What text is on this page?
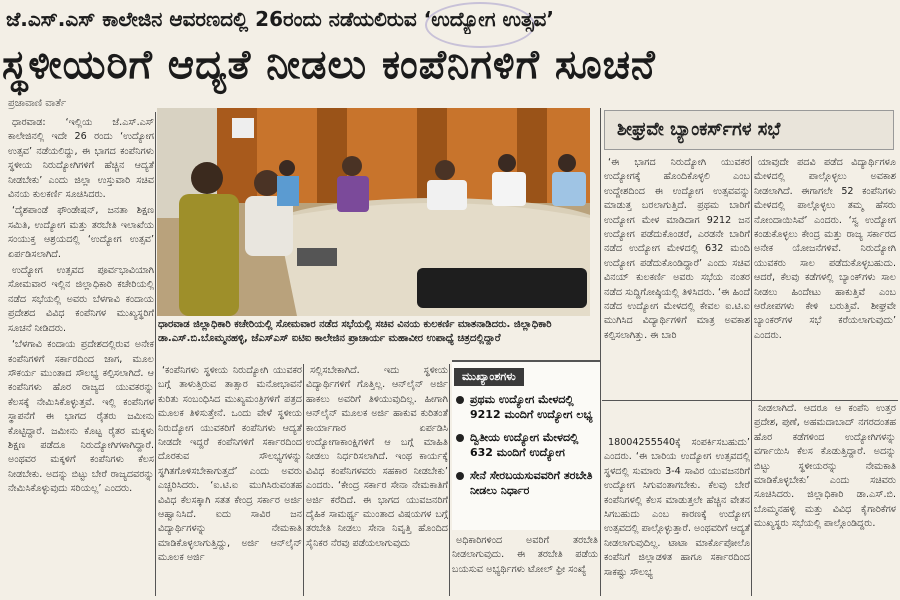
ಜೆ.ಎಸ್.ಎಸ್ ಕಾಲೇಜಿನ ಆವರಣದಲ್ಲಿ 26ರಂದು ನಡೆಯಲಿರುವ ‘ಉದ್ಯೋಗ ಉತ್ಸವ’
ಸ್ಥಳೀಯರಿಗೆ ಆದ್ಯತೆ ನೀಡಲು ಕಂಪೆನಿಗಳಿಗೆ ಸೂಚನೆ
ಪ್ರಜಾವಾಣಿ ವಾರ್ತೆ

ಧಾರವಾಡ: ‘ಇಲ್ಲಿಯ ಜೆ.ಎಸ್.ಎಸ್ ಕಾಲೇಜಿನಲ್ಲಿ ಇದೇ 26 ರಂದು ‘ಉದ್ಯೋಗ ಉತ್ಸವ’ ನಡೆಯಲಿದ್ದು, ಈ ಭಾಗದ ಕಂಪೆನಿಗಳು ಸ್ಥಳೀಯ ನಿರುದ್ಯೋಗಿಗಳಿಗೆ ಹೆಚ್ಚಿನ ಆದ್ಯತೆ ನೀಡಬೇಕು’ ಎಂದು ಜಿಲ್ಲಾ ಉಸ್ತುವಾರಿ ಸಚಿವ ವಿನಯ ಕುಲಕರ್ಣಿ ಸೂಚಿಸಿದರು.

‘ದೈಶಪಾಂಡೆ ಫೌಂಡೇಷನ್, ಜನತಾ ಶಿಕ್ಷಣ ಸಮಿತಿ, ಉದ್ಯೋಗ ಮತ್ತು ತರಬೇತಿ ಇಲಾಖೆಯ ಸಂಯುಕ್ತ ಆಶ್ರಯದಲ್ಲಿ ‘ಉದ್ಯೋಗ ಉತ್ಸವ’ ಏರ್ಪಡಿಸಲಾಗಿದೆ.

ಉದ್ಯೋಗ ಉತ್ಸವದ ಪೂರ್ವಭಾವಿಯಾಗಿ ಸೋಮವಾರ ಇಲ್ಲಿನ ಜಿಲ್ಲಾಧಿಕಾರಿ ಕಚೇರಿಯಲ್ಲಿ ನಡೆದ ಸಭೆಯಲ್ಲಿ ಅವರು ಬೆಳಗಾವಿ ಕಂದಾಯ ಪ್ರದೇಶದ ವಿವಿಧ ಕಂಪೆನಿಗಳ ಮುಖ್ಯಸ್ಥರಿಗೆ ಸೂಚನೆ ನೀಡಿದರು.

‘ಬೆಳಗಾವಿ ಕಂದಾಯ ಪ್ರದೇಶದಲ್ಲಿರುವ ಅನೇಕ ಕಂಪೆನಿಗಳಿಗೆ ಸರ್ಕಾರದಿಂದ ಜಾಗ, ಮೂಲ ಸೌಕರ್ಯ ಮುಂತಾದ ಸೌಲಭ್ಯ ಕಲ್ಪಿಸಲಾಗಿದೆ. ಆ ಕಂಪೆನಿಗಳು ಹೊರ ರಾಜ್ಯದ ಯುವಕರನ್ನು ಕೆಲಸಕ್ಕೆ ನೇಮಿಸಿಕೊಳ್ಳುತ್ತವೆ. ಇಲ್ಲಿ ಕಂಪೆನಿಗಳ ಸ್ಥಾಪನೆಗೆ ಈ ಭಾಗದ ರೈತರು ಜಮೀನು ಕೊಟ್ಟಿದ್ದಾರೆ. ಜಮೀನು ಕೊಟ್ಟ ರೈತರ ಮಕ್ಕಳು ಶಿಕ್ಷಣ ಪಡೆದೂ ನಿರುದ್ಯೋಗಿಗಳಾಗಿದ್ದಾರೆ. ಅಂಥವರ ಮಕ್ಕಳಿಗೆ ಕಂಪೆನಿಗಳು ಕೆಲಸ ನೀಡಬೇಕು. ಅದನ್ನು ಬಿಟ್ಟು ಬೇರೆ ರಾಜ್ಯದವರನ್ನು ನೇಮಿಸಿಕೊಳ್ಳುವುದು ಸರಿಯಲ್ಲ’ ಎಂದರು.

ಧಾರವಾಡ ಜಿಲ್ಲಾಧಿಕಾರಿ ಕಚೇರಿಯಲ್ಲಿ ಸೋಮವಾರ ನಡೆದ ಸಭೆಯಲ್ಲಿ ಸಚಿವ ವಿನಯ ಕುಲಕರ್ಣಿ ಮಾತನಾಡಿದರು. ಜಿಲ್ಲಾಧಿಕಾರಿ ಡಾ.ಎಸ್.ಬಿ.ಬೊಮ್ಮನಹಳ್ಳಿ, ಜೆಎಸ್‌ಎಸ್ ಐಟಿಐ ಕಾಲೇಜಿನ ಪ್ರಾಚಾರ್ಯ ಮಹಾವೀರ ಉಪಾಧ್ಯೆ ಚಿತ್ರದಲ್ಲಿದ್ದಾರೆ

‘ಕಂಪೆನಿಗಳು ಸ್ಥಳೀಯ ನಿರುದ್ಯೋಗಿ ಯುವಕರ ಬಗ್ಗೆ ತಾಳುತ್ತಿರುವ ತಾತ್ಸಾರ ಮನೋಭಾವನೆ ಕುರಿತು ಸಂಬಂಧಿಸಿದ ಮುಖ್ಯಮಂತ್ರಿಗಳಿಗೆ ಪತ್ರದ ಮೂಲಕ ತಿಳಿಸುತ್ತೇನೆ. ಒಂದು ವೇಳೆ ಸ್ಥಳೀಯ ನಿರುದ್ಯೋಗ ಯುವಕರಿಗೆ ಕಂಪೆನಿಗಳು ಆದ್ಯತೆ ನೀಡದೇ ಇದ್ದರೆ ಕಂಪೆನಿಗಳಿಗೆ ಸರ್ಕಾರದಿಂದ ದೊರಕುವ ಸೌಲಭ್ಯಗಳನ್ನು ಸ್ಥಗಿತಗೊಳಿಸಬೇಕಾಗುತ್ತದೆ’ ಎಂದು ಅವರು ಎಚ್ಚರಿಸಿದರು. ‘ಐ.ಟಿ.ಐ ಮುಗಿಸಿರುವಂತಹ ವಿವಿಧ ಕೆಲಸಕ್ಕಾಗಿ ಸತತ ಕೇಂದ್ರ ಸರ್ಕಾರ ಅರ್ಜಿ ಆಹ್ವಾನಿಸಿದೆ. ಐದು ಸಾವಿರ ಜನ ವಿದ್ಯಾರ್ಥಿಗಳನ್ನು ನೇಮಕಾತಿ ಮಾಡಿಕೊಳ್ಳಲಾಗುತ್ತಿದ್ದು, ಅರ್ಜಿ ಆನ್‌ಲೈನ್ ಮೂಲಕ ಅರ್ಜಿ

ಸಲ್ಲಿಸಬೇಕಾಗಿದೆ. ಇದು ಸ್ಥಳೀಯ ವಿದ್ಯಾರ್ಥಿಗಳಿಗೆ ಗೊತ್ತಿಲ್ಲ. ಆನ್‌ಲೈನ್ ಅರ್ಜಿ ಹಾಕಲು ಅವರಿಗೆ ತಿಳಿಯುವುದಿಲ್ಲ. ಹೀಗಾಗಿ ಆನ್‌ಲೈನ್ ಮೂಲಕ ಅರ್ಜಿ ಹಾಕುವ ಕುರಿತಂತೆ ಕಾರ್ಯಾಗಾರ ಏರ್ಪಡಿಸಿ ಉದ್ಯೋಗಾಕಾಂಕ್ಷಿಗಳಿಗೆ ಆ ಬಗ್ಗೆ ಮಾಹಿತಿ ನೀಡಲು ನಿರ್ಧರಿಸಲಾಗಿದೆ. ಇಂಥ ಕಾರ್ಯಕ್ಕೆ ವಿವಿಧ ಕಂಪೆನಿಗಳವರು ಸಹಕಾರ ನೀಡಬೇಕು’ ಎಂದರು. ‘ಕೇಂದ್ರ ಸರ್ಕಾರ ಸೇನಾ ನೇಮಕಾತಿಗೆ ಅರ್ಜಿ ಕರೆದಿದೆ. ಈ ಭಾಗದ ಯುವಜನರಿಗೆ ದೈಹಿಕ ಸಾಮರ್ಥ್ಯ ಮುಂತಾದ ವಿಷಯಗಳ ಬಗ್ಗೆ ತರಬೇತಿ ನೀಡಲು ಸೇನಾ ನಿವೃತ್ತಿ ಹೊಂದಿದ ಸೈನಿಕರ ನೆರವು ಪಡೆಯಲಾಗುವುದು

ಮುಖ್ಯಾಂಶಗಳು
ಪ್ರಥಮ ಉದ್ಯೋಗ ಮೇಳದಲ್ಲಿ 9212 ಮಂದಿಗೆ ಉದ್ಯೋಗ ಲಭ್ಯ
ದ್ವಿತೀಯ ಉದ್ಯೋಗ ಮೇಳದಲ್ಲಿ 632 ಮಂದಿಗೆ ಉದ್ಯೋಗ
ಸೇನೆ ಸೇರಬಯಸುವವರಿಗೆ ತರಬೇತಿ ನೀಡಲು ನಿರ್ಧಾರ

ಅಧಿಕಾರಿಗಳಿಂದ ಅವರಿಗೆ ತರಬೇತಿ ನೀಡಲಾಗುವುದು. ಈ ತರಬೇತಿ ಪಡೆಯ ಬಯಸುವ ಅಭ್ಯರ್ಥಿಗಳು ಟೋಲ್ ಫ್ರೀ ಸಂಖ್ಯೆ

ಶೀಘ್ರವೇ ಬ್ಯಾಂಕರ್ಸ್‌ಗಳ ಸಭೆ

‘ಈ ಭಾಗದ ನಿರುದ್ಯೋಗಿ ಯುವಕರ ಉದ್ಯೋಗಕ್ಕೆ ಹೊಂದಿಕೊಳ್ಳಲಿ ಎಂಬ ಉದ್ದೇಶದಿಂದ ಈ ಉದ್ಯೋಗ ಉತ್ಸವವನ್ನು ಮಾಡುತ್ತ ಬರಲಾಗುತ್ತಿದೆ. ಪ್ರಥಮ ಬಾರಿಗೆ ಉದ್ಯೋಗ ಮೇಳ ಮಾಡಿದಾಗ 9212 ಜನ ಉದ್ಯೋಗ ಪಡೆದುಕೊಂಡರೆ, ಎರಡನೇ ಬಾರಿಗೆ ನಡೆದ ಉದ್ಯೋಗ ಮೇಳದಲ್ಲಿ 632 ಮಂದಿ ಉದ್ಯೋಗ ಪಡೆದುಕೊಂಡಿದ್ದಾರೆ’ ಎಂದು ಸಚಿವ ವಿನಯ್ ಕುಲಕರ್ಣಿ ಅವರು ಸಭೆಯ ನಂತರ ನಡೆದ ಸುದ್ದಿಗೋಷ್ಠಿಯಲ್ಲಿ ತಿಳಿಸಿದರು. ‘ಈ ಹಿಂದೆ ನಡೆದ ಉದ್ಯೋಗ ಮೇಳದಲ್ಲಿ ಕೇವಲ ಐ.ಟಿ.ಐ ಮುಗಿಸಿದ ವಿದ್ಯಾರ್ಥಿಗಳಿಗೆ ಮಾತ್ರ ಅವಕಾಶ ಕಲ್ಪಿಸಲಾಗಿತ್ತು. ಈ ಬಾರಿ

ಯಾವುದೇ ಪದವಿ ಪಡೆದ ವಿದ್ಯಾರ್ಥಿಗಳೂ ಮೇಳದಲ್ಲಿ ಪಾಲ್ಗೊಳ್ಳಲು ಅವಕಾಶ ನೀಡಲಾಗಿದೆ. ಈಗಾಗಲೇ 52 ಕಂಪೆನಿಗಳು ಮೇಳದಲ್ಲಿ ಪಾಲ್ಗೊಳ್ಳಲು ತಮ್ಮ ಹೆಸರು ನೋಂದಾಯಿಸಿವೆ’ ಎಂದರು. ‘ಸ್ವ ಉದ್ಯೋಗ ಕಂಡುಕೊಳ್ಳಲು ಕೇಂದ್ರ ಮತ್ತು ರಾಜ್ಯ ಸರ್ಕಾರದ ಅನೇಕ ಯೋಜನೆಗಳಿವೆ. ನಿರುದ್ಯೋಗಿ ಯುವಕರು ಸಾಲ ಪಡೆದುಕೊಳ್ಳಬಹುದು. ಆದರೆ, ಕೆಲವು ಕಡೆಗಳಲ್ಲಿ ಬ್ಯಾಂಕ್‌ಗಳು ಸಾಲ ನೀಡಲು ಹಿಂದೇಟು ಹಾಕುತ್ತಿವೆ ಎಂಬ ಆರೋಪಗಳು ಕೇಳಿ ಬರುತ್ತಿವೆ. ಶೀಘ್ರವೇ ಬ್ಯಾಂಕರ್‌ಗಳ ಸಭೆ ಕರೆಯಲಾಗುವುದು’ ಎಂದರು.

18004255540ಕ್ಕೆ ಸಂಪರ್ಕಿಸಬಹುದು’ ಎಂದರು. ‘ಈ ಬಾರಿಯ ಉದ್ಯೋಗ ಉತ್ಸವದಲ್ಲಿ ಸ್ಥಳದಲ್ಲಿ ಸುಮಾರು 3-4 ಸಾವಿರ ಯುವಜನರಿಗೆ ಉದ್ಯೋಗ ಸಿಗುವಂತಾಗಬೇಕು. ಕೆಲವು ಬೇರೆ ಕಂಪೆನಿಗಳಲ್ಲಿ ಕೆಲಸ ಮಾಡುತ್ತಲೇ ಹೆಚ್ಚಿನ ವೇತನ ಸಿಗಬಹುದು ಎಂಬ ಕಾರಣಕ್ಕೆ ಉದ್ಯೋಗ ಉತ್ಸವದಲ್ಲಿ ಪಾಲ್ಗೊಳ್ಳುತ್ತಾರೆ. ಅಂಥವರಿಗೆ ಆದ್ಯತೆ ನೀಡಲಾಗುವುದಿಲ್ಲ. ಟಾಟಾ ಮಾರ್ಕೊಪೋಲೊ ಕಂಪೆನಿಗೆ ಜಿಲ್ಲಾಡಳಿತ ಹಾಗೂ ಸರ್ಕಾರದಿಂದ ಸಾಕಷ್ಟು ಸೌಲಭ್ಯ

ನೀಡಲಾಗಿದೆ. ಆದರೂ ಆ ಕಂಪೆನಿ ಉತ್ತರ ಪ್ರದೇಶ, ಪುಣೆ, ಅಹಮದಾಬಾದ್ ನಗರದಂತಹ ಹೊರ ಕಡೆಗಳಿಂದ ಉದ್ಯೋಗಿಗಳನ್ನು ವರ್ಗಾಯಿಸಿ ಕೆಲಸ ಕೊಡುತ್ತಿದ್ದಾರೆ. ಅದನ್ನು ಬಿಟ್ಟು ಸ್ಥಳೀಯರನ್ನು ನೇಮಕಾತಿ ಮಾಡಿಕೊಳ್ಳಬೇಕು’ ಎಂದು ಸಚಿವರು ಸೂಚಿಸಿದರು. ಜಿಲ್ಲಾಧಿಕಾರಿ ಡಾ.ಎಸ್.ಬಿ. ಬೊಮ್ಮನಹಳ್ಳಿ ಮತ್ತು ವಿವಿಧ ಕೈಗಾರಿಕೆಗಳ ಮುಖ್ಯಸ್ಥರು ಸಭೆಯಲ್ಲಿ ಪಾಲ್ಗೊಂಡಿದ್ದರು.
